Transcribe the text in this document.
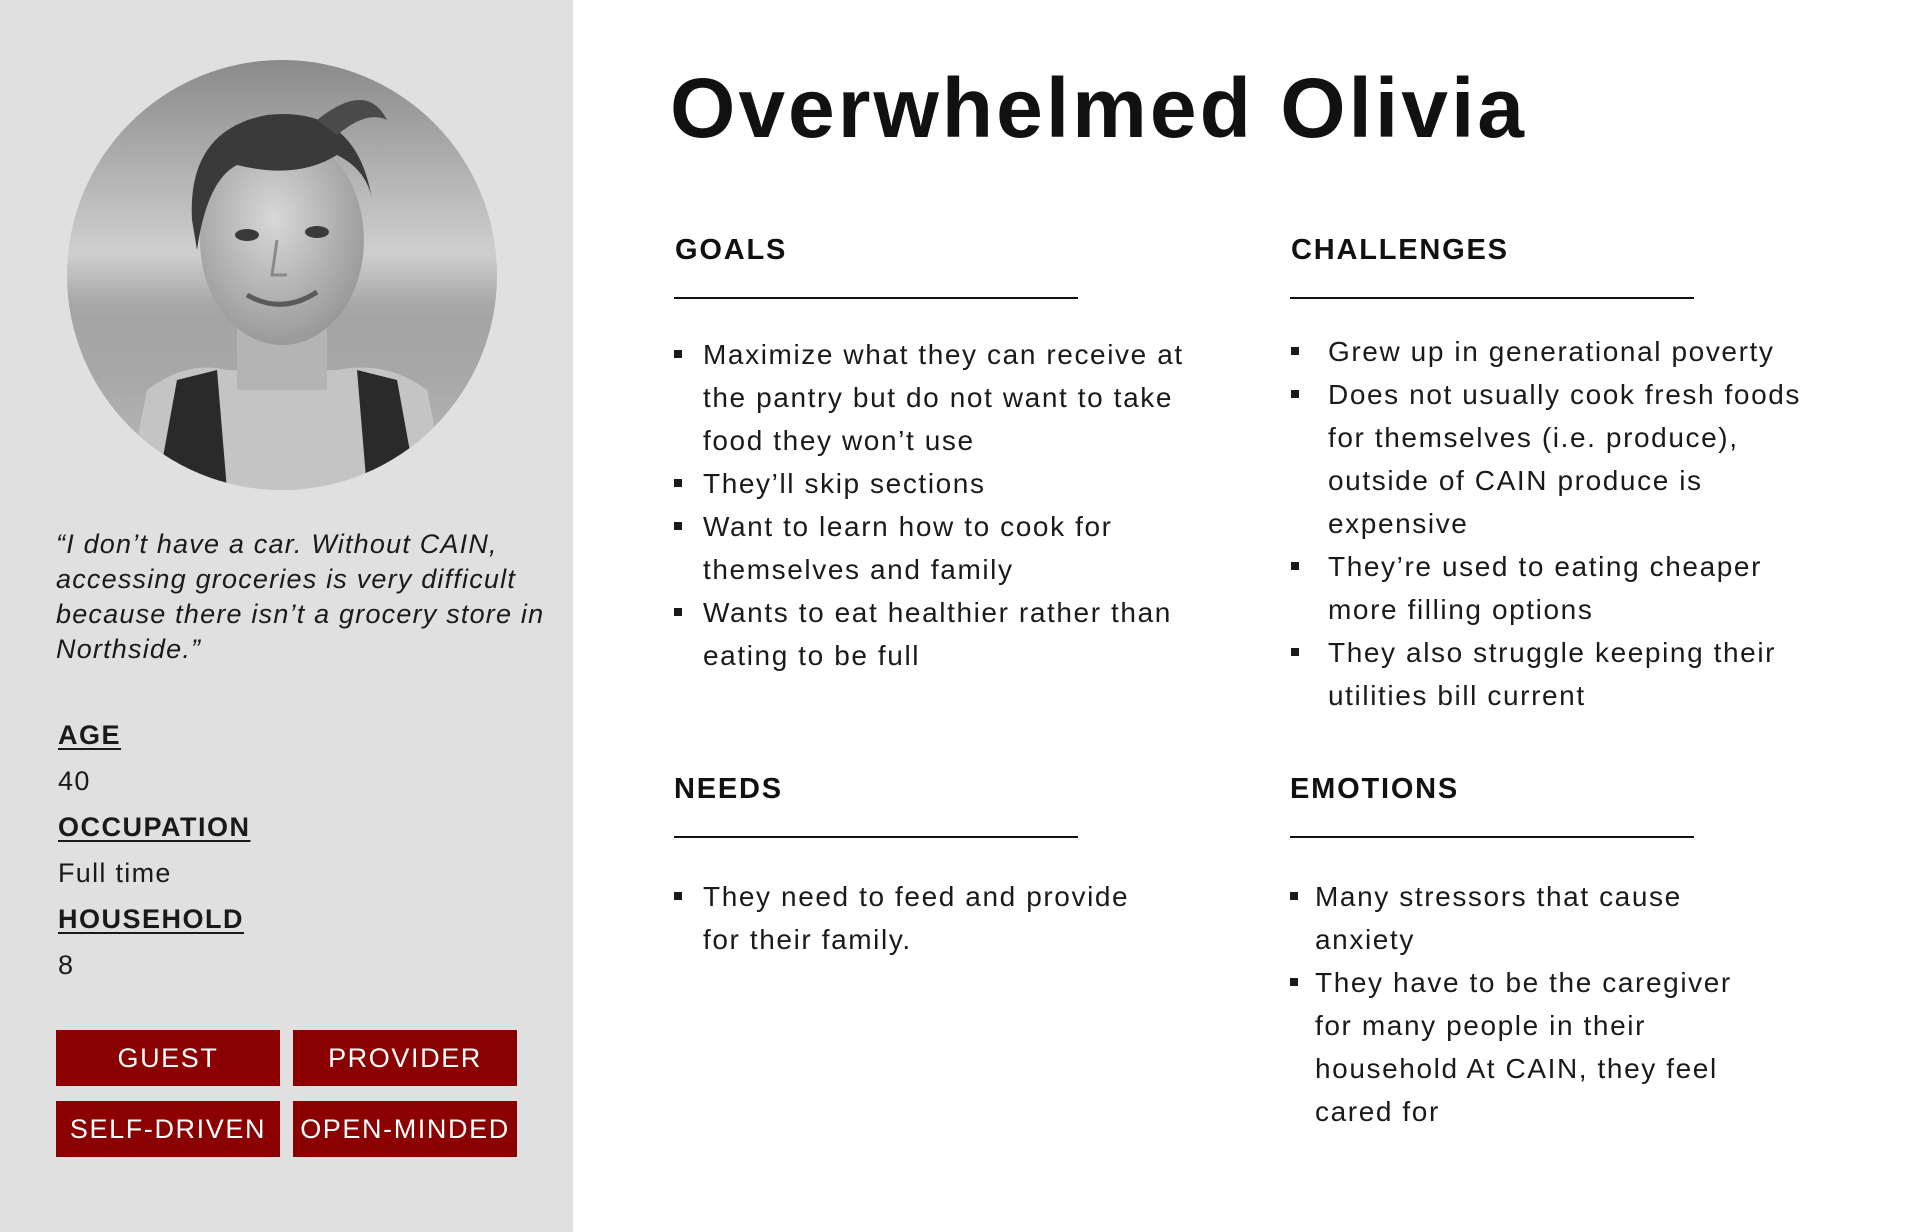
“I don’t have a car. Without CAIN, accessing groceries is very difficult because there isn’t a grocery store in Northside.”

AGE
40
OCCUPATION
Full time
HOUSEHOLD
8
GUEST	PROVIDER
SELF-DRIVEN	OPEN-MINDED
Overwhelmed Olivia
GOALS
Maximize what they can receive at the pantry but do not want to take food they won’t use
They’ll skip sections
Want to learn how to cook for themselves and family
Wants to eat healthier rather than eating to be full
CHALLENGES
Grew up in generational poverty
Does not usually cook fresh foods for themselves (i.e. produce), outside of CAIN produce is expensive
They’re used to eating cheaper more filling options
They also struggle keeping their utilities bill current
NEEDS
They need to feed and provide for their family.
EMOTIONS
Many stressors that cause anxiety
They have to be the caregiver for many people in their household At CAIN, they feel cared for
